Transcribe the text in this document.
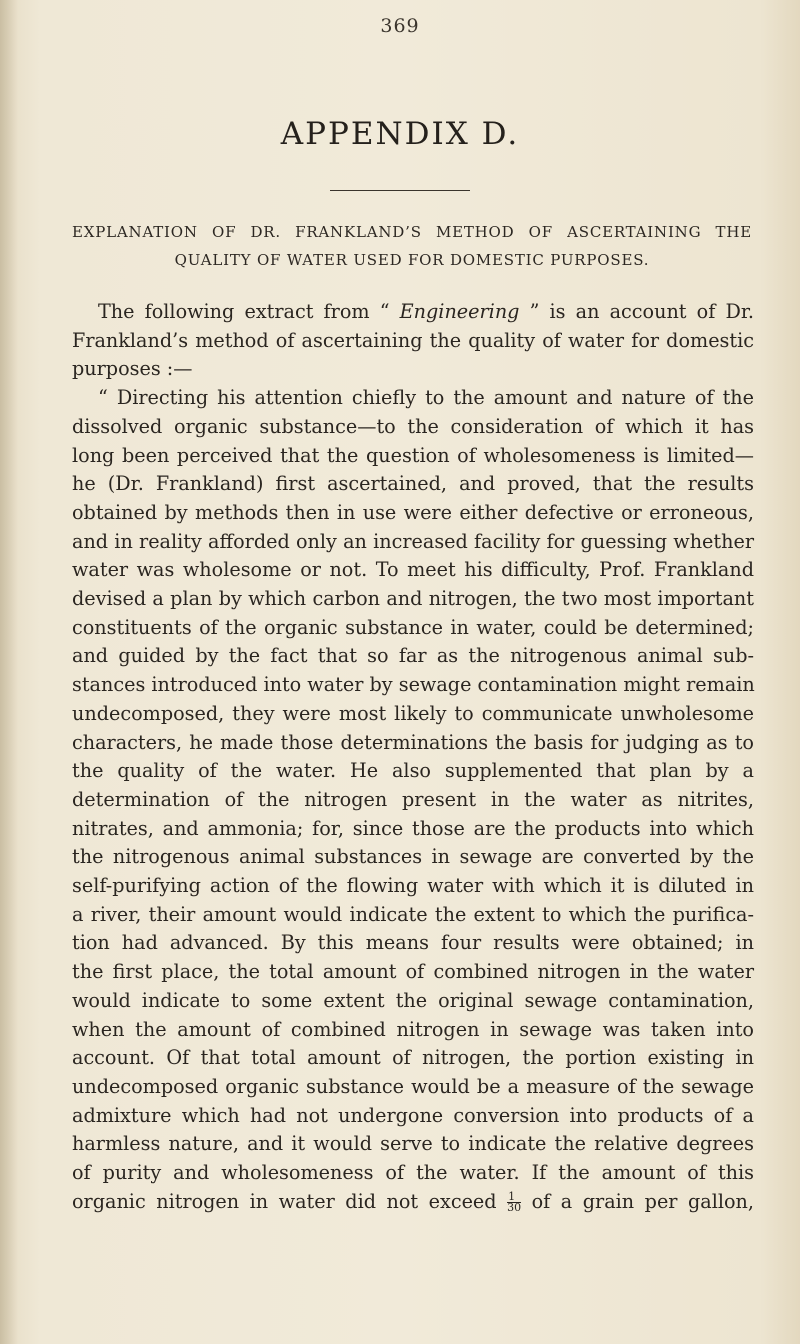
369
APPENDIX D.
EXPLANATION OF DR. FRANKLAND’S METHOD OF ASCERTAINING THE
QUALITY OF WATER USED FOR DOMESTIC PURPOSES.
The following extract from “ Engineering ” is an account of Dr.
Frankland’s method of ascertaining the quality of water for domestic
purposes :—
“ Directing his attention chiefly to the amount and nature of the
dissolved organic substance—to the consideration of which it has
long been perceived that the question of wholesomeness is limited—
he (Dr. Frankland) first ascertained, and proved, that the results
obtained by methods then in use were either defective or erroneous,
and in reality afforded only an increased facility for guessing whether
water was wholesome or not. To meet his difficulty, Prof. Frankland
devised a plan by which carbon and nitrogen, the two most important
constituents of the organic substance in water, could be determined;
and guided by the fact that so far as the nitrogenous animal sub-
stances introduced into water by sewage contamination might remain
undecomposed, they were most likely to communicate unwholesome
characters, he made those determinations the basis for judging as to
the quality of the water. He also supplemented that plan by a
determination of the nitrogen present in the water as nitrites,
nitrates, and ammonia; for, since those are the products into which
the nitrogenous animal substances in sewage are converted by the
self-purifying action of the flowing water with which it is diluted in
a river, their amount would indicate the extent to which the purifica-
tion had advanced. By this means four results were obtained; in
the first place, the total amount of combined nitrogen in the water
would indicate to some extent the original sewage contamination,
when the amount of combined nitrogen in sewage was taken into
account. Of that total amount of nitrogen, the portion existing in
undecomposed organic substance would be a measure of the sewage
admixture which had not undergone conversion into products of a
harmless nature, and it would serve to indicate the relative degrees
of purity and wholesomeness of the water. If the amount of this
organic nitrogen in water did not exceed $\frac{1}{30}$ of a grain per gallon,
